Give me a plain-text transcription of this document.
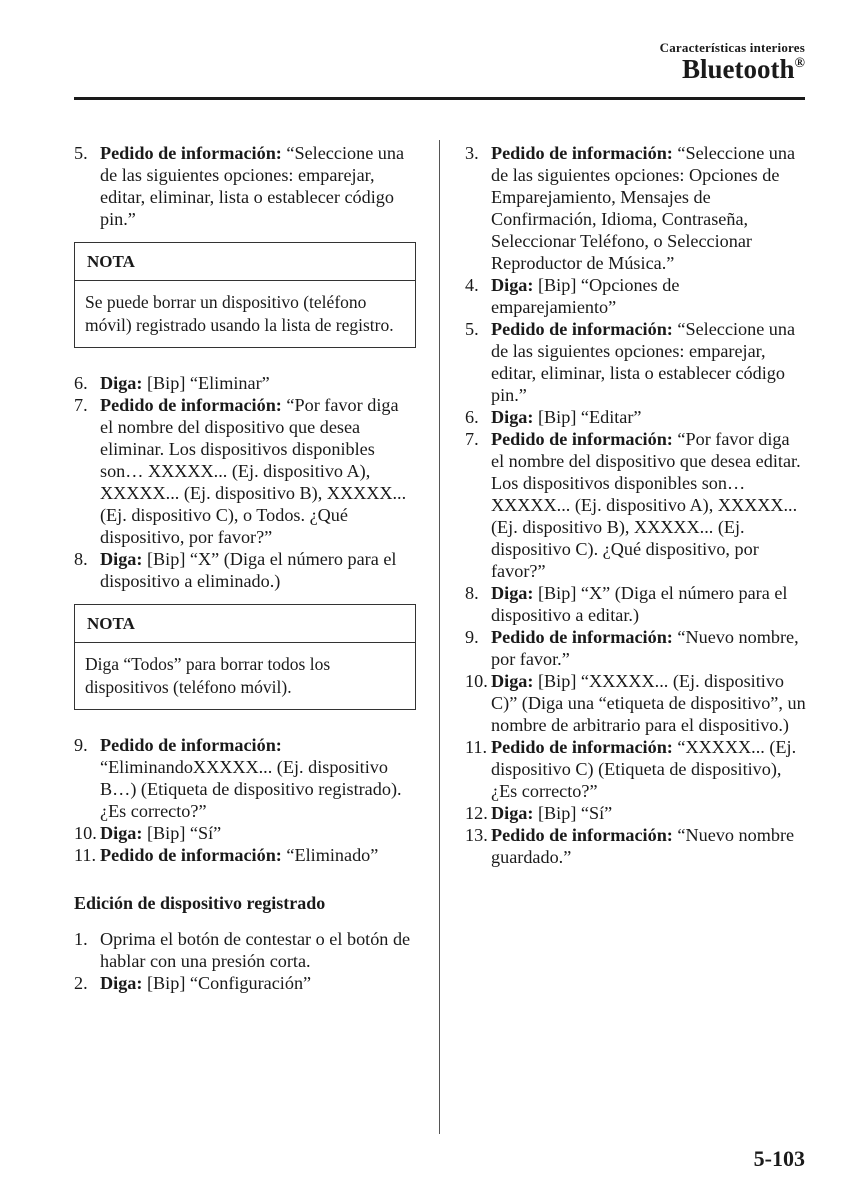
Características interiores
Bluetooth®
5. Pedido de información: “Seleccione una de las siguientes opciones: emparejar, editar, eliminar, lista o establecer código pin.”
NOTA
Se puede borrar un dispositivo (teléfono móvil) registrado usando la lista de registro.
6. Diga: [Bip] “Eliminar”
7. Pedido de información: “Por favor diga el nombre del dispositivo que desea eliminar. Los dispositivos disponibles son… XXXXX... (Ej. dispositivo A), XXXXX... (Ej. dispositivo B), XXXXX... (Ej. dispositivo C), o Todos. ¿Qué dispositivo, por favor?”
8. Diga: [Bip] “X” (Diga el número para el dispositivo a eliminado.)
NOTA
Diga “Todos” para borrar todos los dispositivos (teléfono móvil).
9. Pedido de información:
“EliminandoXXXXX... (Ej. dispositivo B…) (Etiqueta de dispositivo registrado). ¿Es correcto?”
10. Diga: [Bip] “Sí”
11. Pedido de información: “Eliminado”
Edición de dispositivo registrado
1. Oprima el botón de contestar o el botón de hablar con una presión corta.
2. Diga: [Bip] “Configuración”
3. Pedido de información: “Seleccione una de las siguientes opciones: Opciones de Emparejamiento, Mensajes de Confirmación, Idioma, Contraseña, Seleccionar Teléfono, o Seleccionar Reproductor de Música.”
4. Diga: [Bip] “Opciones de emparejamiento”
5. Pedido de información: “Seleccione una de las siguientes opciones: emparejar, editar, eliminar, lista o establecer código pin.”
6. Diga: [Bip] “Editar”
7. Pedido de información: “Por favor diga el nombre del dispositivo que desea editar. Los dispositivos disponibles son… XXXXX... (Ej. dispositivo A), XXXXX... (Ej. dispositivo B), XXXXX... (Ej. dispositivo C). ¿Qué dispositivo, por favor?”
8. Diga: [Bip] “X” (Diga el número para el dispositivo a editar.)
9. Pedido de información: “Nuevo nombre, por favor.”
10. Diga: [Bip] “XXXXX... (Ej. dispositivo C)” (Diga una “etiqueta de dispositivo”, un nombre de arbitrario para el dispositivo.)
11. Pedido de información: “XXXXX... (Ej. dispositivo C) (Etiqueta de dispositivo), ¿Es correcto?”
12. Diga: [Bip] “Sí”
13. Pedido de información: “Nuevo nombre guardado.”
5-103
